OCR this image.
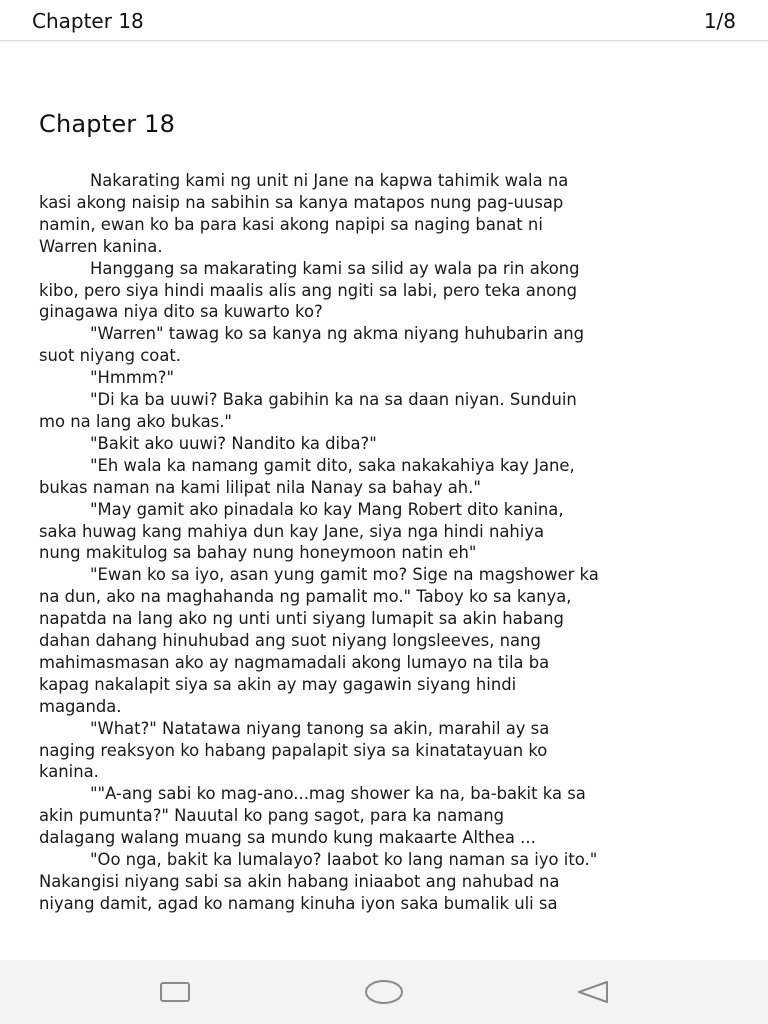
Chapter 18	1/8
Chapter 18

Nakarating kami ng unit ni Jane na kapwa tahimik wala na

kasi akong naisip na sabihin sa kanya matapos nung pag-uusap

namin, ewan ko ba para kasi akong napipi sa naging banat ni

Warren kanina.

Hanggang sa makarating kami sa silid ay wala pa rin akong

kibo, pero siya hindi maalis alis ang ngiti sa labi, pero teka anong

ginagawa niya dito sa kuwarto ko?

"Warren" tawag ko sa kanya ng akma niyang huhubarin ang

suot niyang coat.

"Hmmm?"

"Di ka ba uuwi? Baka gabihin ka na sa daan niyan. Sunduin

mo na lang ako bukas."

"Bakit ako uuwi? Nandito ka diba?"

"Eh wala ka namang gamit dito, saka nakakahiya kay Jane,

bukas naman na kami lilipat nila Nanay sa bahay ah."

"May gamit ako pinadala ko kay Mang Robert dito kanina,

saka huwag kang mahiya dun kay Jane, siya nga hindi nahiya

nung makitulog sa bahay nung honeymoon natin eh"

"Ewan ko sa iyo, asan yung gamit mo? Sige na magshower ka

na dun, ako na maghahanda ng pamalit mo." Taboy ko sa kanya,

napatda na lang ako ng unti unti siyang lumapit sa akin habang

dahan dahang hinuhubad ang suot niyang longsleeves, nang

mahimasmasan ako ay nagmamadali akong lumayo na tila ba

kapag nakalapit siya sa akin ay may gagawin siyang hindi

maganda.

"What?" Natatawa niyang tanong sa akin, marahil ay sa

naging reaksyon ko habang papalapit siya sa kinatatayuan ko

kanina.

""A-ang sabi ko mag-ano...mag shower ka na, ba-bakit ka sa

akin pumunta?" Nauutal ko pang sagot, para ka namang

dalagang walang muang sa mundo kung makaarte Althea ...

"Oo nga, bakit ka lumalayo? Iaabot ko lang naman sa iyo ito."

Nakangisi niyang sabi sa akin habang iniaabot ang nahubad na

niyang damit, agad ko namang kinuha iyon saka bumalik uli sa
